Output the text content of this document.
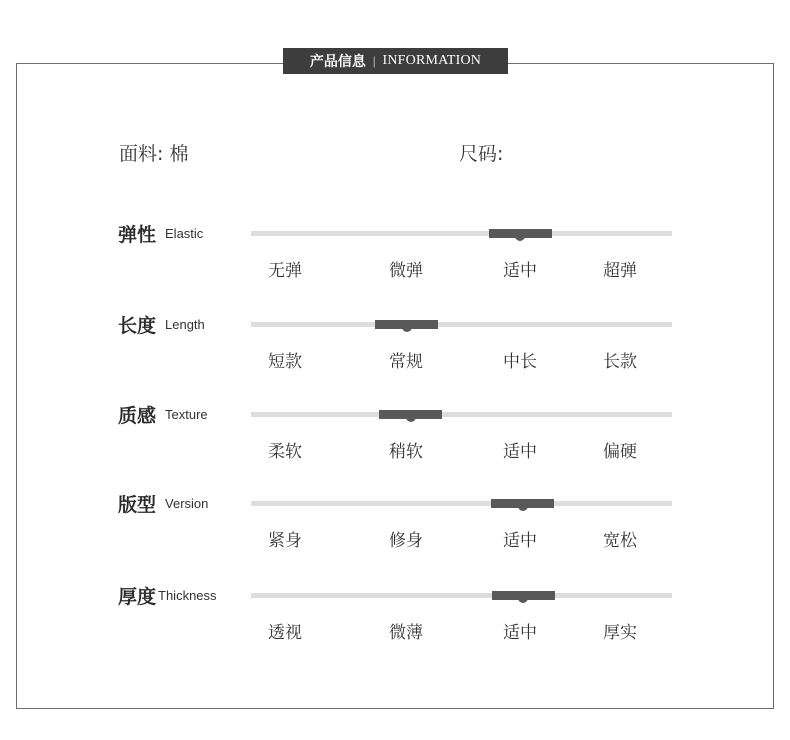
产品信息 | INFORMATION
面料: 棉	尺码:
弹性 Elastic
无弹	微弹	适中	超弹
长度 Length
短款	常规	中长	长款
质感 Texture
柔软	稍软	适中	偏硬
版型 Version
紧身	修身	适中	宽松
厚度 Thickness
透视	微薄	适中	厚实
